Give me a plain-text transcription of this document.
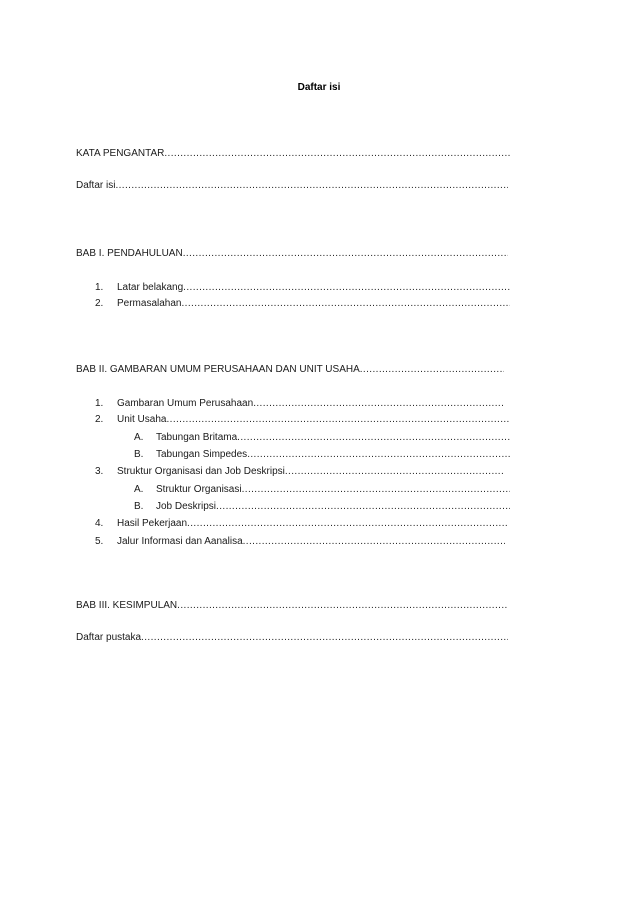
Daftar isi
KATA PENGANTAR
.....
Daftar isi
.....
BAB I. PENDAHULUAN
.....
1.	Latar belakang
.....
2.	Permasalahan
.....
BAB II. GAMBARAN UMUM PERUSAHAAN DAN UNIT USAHA
.....
1.	Gambaran Umum Perusahaan
.....
2.	Unit Usaha
.....
A.	Tabungan Britama
.....
B.	Tabungan Simpedes
.....
3.	Struktur Organisasi dan Job Deskripsi
.....
A.	Struktur Organisasi
.....
B.	Job Deskripsi
.....
4.	Hasil Pekerjaan
.....
5.	Jalur Informasi dan Aanalisa
.....
BAB III. KESIMPULAN
.....
Daftar pustaka
.....
